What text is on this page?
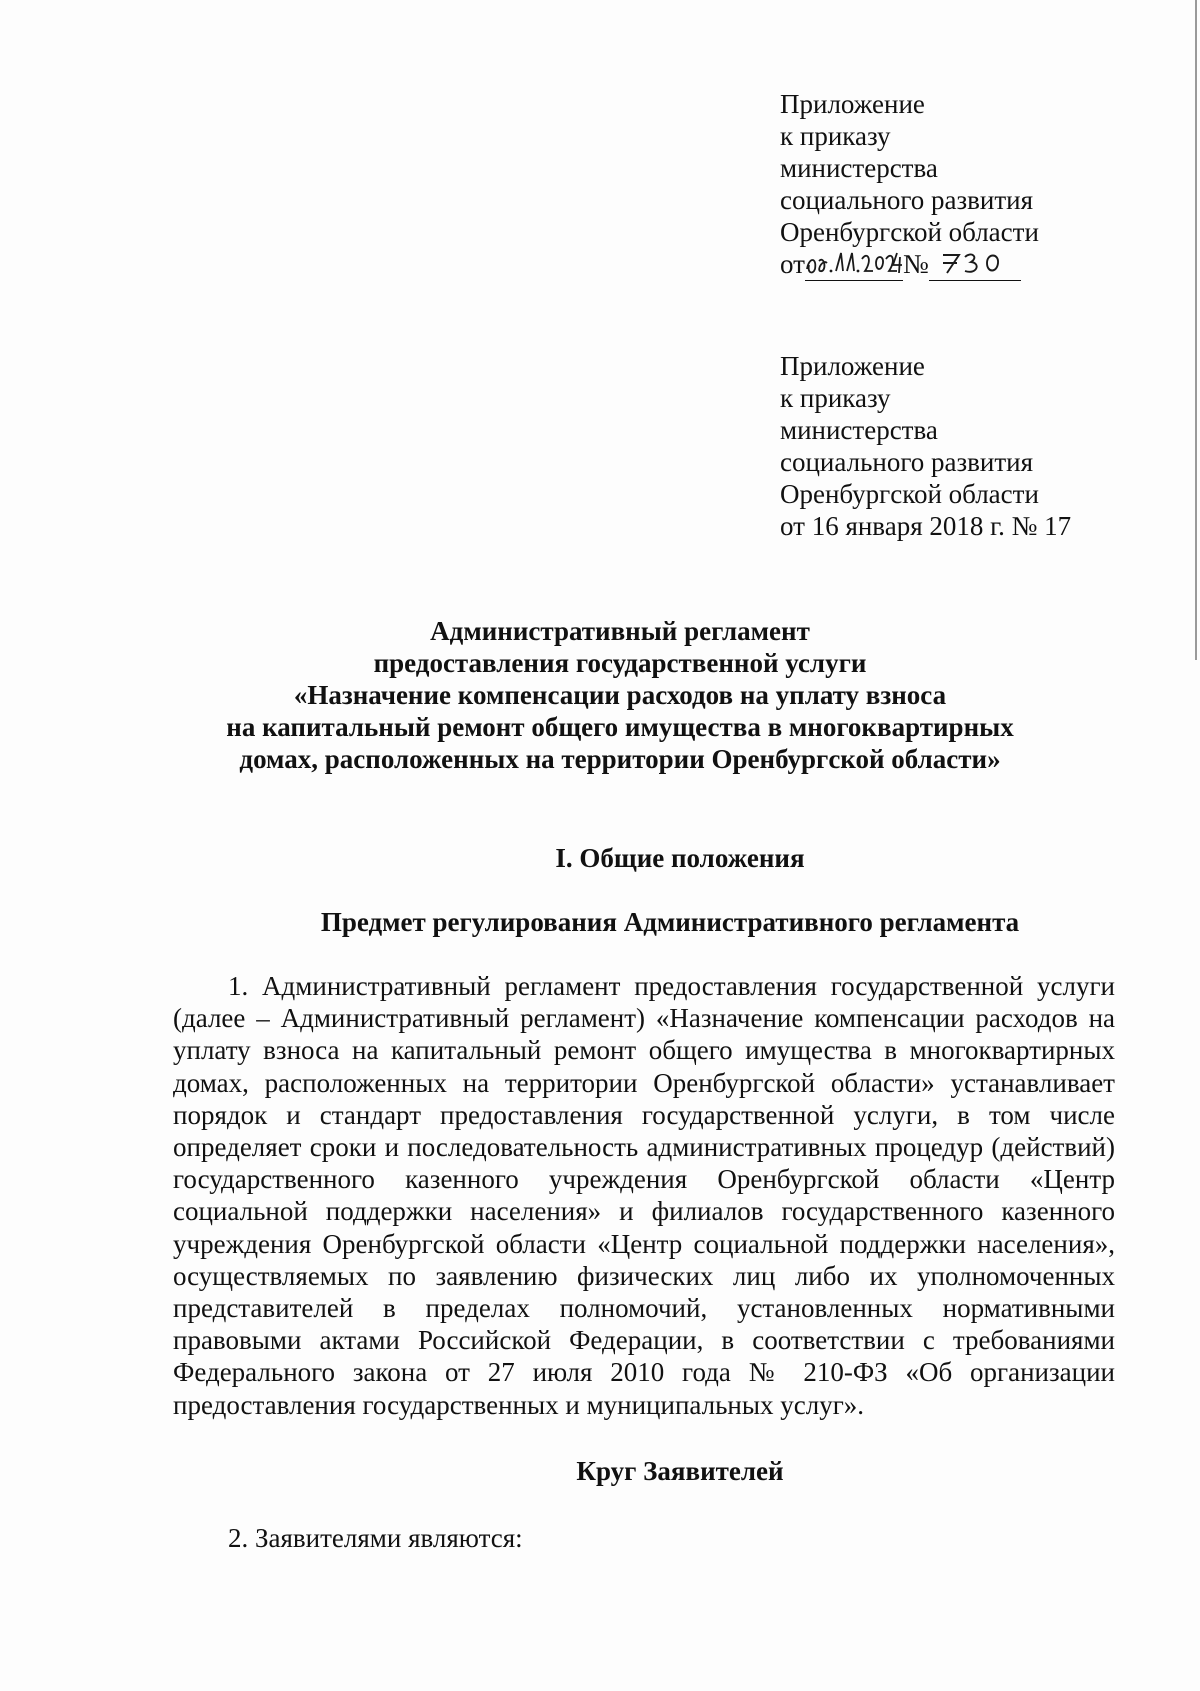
Приложение
к приказу
министерства
социального развития
Оренбургской области
от	№
Приложение
к приказу
министерства
социального развития
Оренбургской области
от 16 января 2018 г. № 17
Административный регламент
предоставления государственной услуги
«Назначение компенсации расходов на уплату взноса
на капитальный ремонт общего имущества в многоквартирных
домах, расположенных на территории Оренбургской области»
I. Общие положения
Предмет регулирования Административного регламента
1. Административный регламент предоставления государственной услуги (далее – Административный регламент) «Назначение компенсации расходов на уплату взноса на капитальный ремонт общего имущества в многоквартирных домах, расположенных на территории Оренбургской области» устанавливает порядок и стандарт предоставления государственной услуги, в том числе определяет сроки и последовательность административных процедур (действий) государственного казенного учреждения Оренбургской области «Центр социальной поддержки населения» и филиалов государственного казенного учреждения Оренбургской области «Центр социальной поддержки населения», осуществляемых по заявлению физических лиц либо их уполномоченных представителей в пределах полномочий, установленных нормативными правовыми актами Российской Федерации, в соответствии с требованиями Федерального закона от 27 июля 2010 года № 210-ФЗ «Об организации предоставления государственных и муниципальных услуг».
Круг Заявителей
2. Заявителями являются:
